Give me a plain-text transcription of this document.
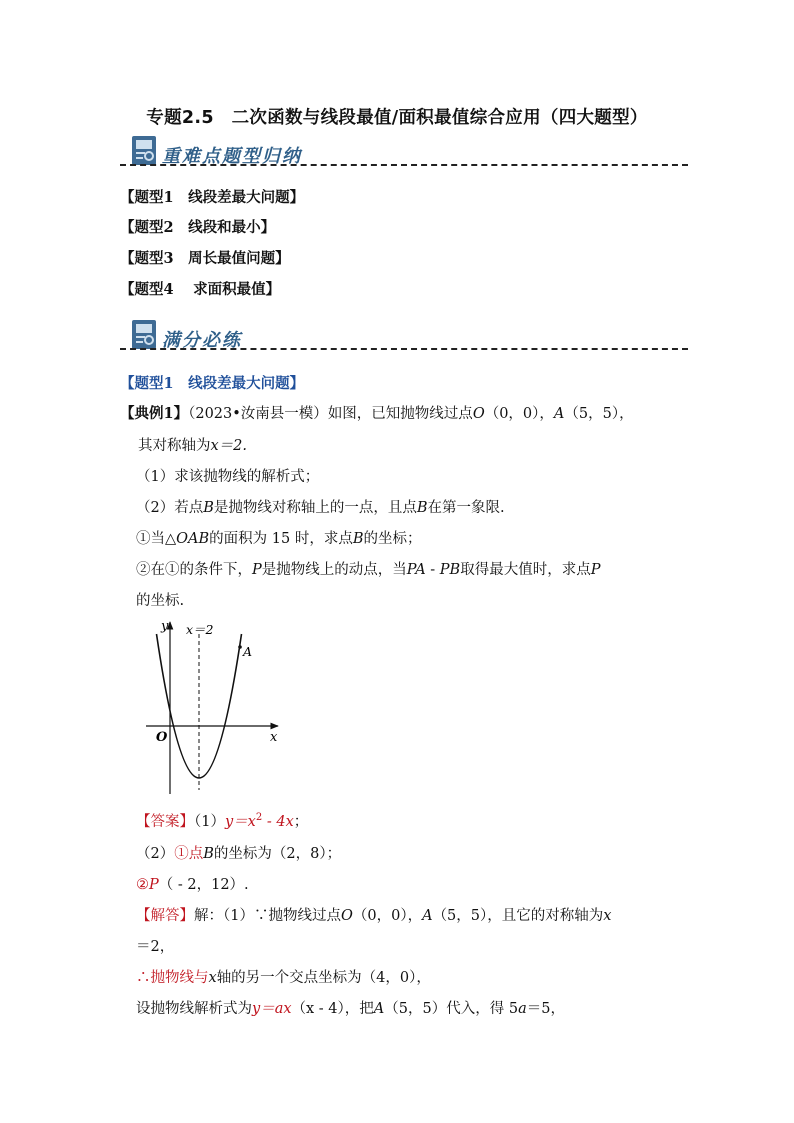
专题2.5　二次函数与线段最值/面积最值综合应用（四大题型）
重难点题型归纳
【题型1　线段差最大问题】
【题型2　线段和最小】
【题型3　周长最值问题】
【题型4　 求面积最值】
满分必练
【题型1　线段差最大问题】
【典例1】（2023•汝南县一模）如图，已知抛物线过点O（0，0），A（5，5），
其对称轴为x＝2.
（1）求该抛物线的解析式；
（2）若点B是抛物线对称轴上的一点，且点B在第一象限.
①当△OAB的面积为 15 时，求点B的坐标；
②在①的条件下，P是抛物线上的动点，当PA - PB取得最大值时，求点P
的坐标.
y
x
O
x＝2
A
【答案】$(1)y=x^2 - 4x$；
（2）①点B的坐标为（2，8）；
②P（ - 2，12）.
【解答】解：（1）∵抛物线过点O（0，0），A（5，5），且它的对称轴为x
＝2，
∴抛物线与x轴的另一个交点坐标为（4，0），
设抛物线解析式为y＝ax（x - 4），把A（5，5）代入，得 5a＝5，
